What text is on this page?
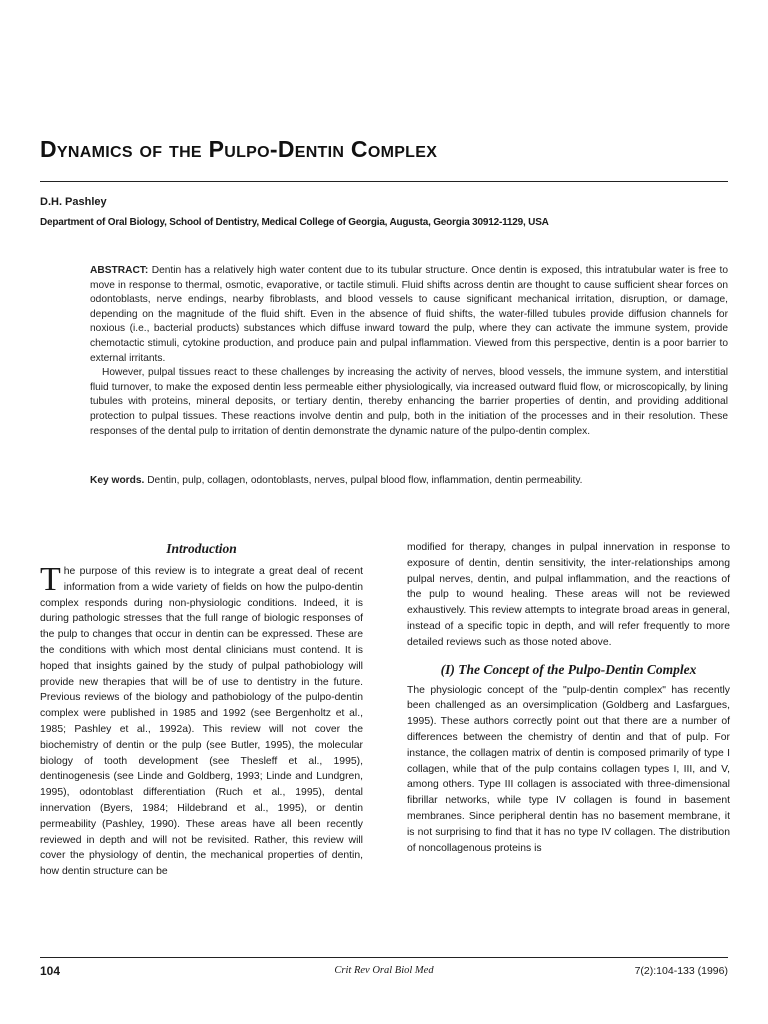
Dynamics of the Pulpo-Dentin Complex
D.H. Pashley
Department of Oral Biology, School of Dentistry, Medical College of Georgia, Augusta, Georgia 30912-1129, USA

ABSTRACT: Dentin has a relatively high water content due to its tubular structure. Once dentin is exposed, this intratubular water is free to move in response to thermal, osmotic, evaporative, or tactile stimuli. Fluid shifts across dentin are thought to cause sufficient shear forces on odontoblasts, nerve endings, nearby fibroblasts, and blood vessels to cause significant mechanical irritation, disruption, or damage, depending on the magnitude of the fluid shift. Even in the absence of fluid shifts, the water-filled tubules provide diffusion channels for noxious (i.e., bacterial products) substances which diffuse inward toward the pulp, where they can activate the immune system, provide chemotactic stimuli, cytokine production, and produce pain and pulpal inflammation. Viewed from this perspective, dentin is a poor barrier to external irritants.

However, pulpal tissues react to these challenges by increasing the activity of nerves, blood vessels, the immune system, and interstitial fluid turnover, to make the exposed dentin less permeable either physiologically, via increased outward fluid flow, or microscopically, by lining tubules with proteins, mineral deposits, or tertiary dentin, thereby enhancing the barrier properties of dentin, and providing additional protection to pulpal tissues. These reactions involve dentin and pulp, both in the initiation of the processes and in their resolution. These responses of the dental pulp to irritation of dentin demonstrate the dynamic nature of the pulpo-dentin complex.

Key words. Dentin, pulp, collagen, odontoblasts, nerves, pulpal blood flow, inflammation, dentin permeability.
Introduction

The purpose of this review is to integrate a great deal of recent information from a wide variety of fields on how the pulpo-dentin complex responds during non-physiologic conditions. Indeed, it is during pathologic stresses that the full range of biologic responses of the pulp to changes that occur in dentin can be expressed. These are the conditions with which most dental clinicians must contend. It is hoped that insights gained by the study of pulpal pathobiology will provide new therapies that will be of use to dentistry in the future. Previous reviews of the biology and pathobiology of the pulpo-dentin complex were published in 1985 and 1992 (see Bergenholtz et al., 1985; Pashley et al., 1992a). This review will not cover the biochemistry of dentin or the pulp (see Butler, 1995), the molecular biology of tooth development (see Thesleff et al., 1995), dentinogenesis (see Linde and Goldberg, 1993; Linde and Lundgren, 1995), odontoblast differentiation (Ruch et al., 1995), dental innervation (Byers, 1984; Hildebrand et al., 1995), or dentin permeability (Pashley, 1990). These areas have all been recently reviewed in depth and will not be revisited. Rather, this review will cover the physiology of dentin, the mechanical properties of dentin, how dentin structure can be

modified for therapy, changes in pulpal innervation in response to exposure of dentin, dentin sensitivity, the inter-relationships among pulpal nerves, dentin, and pulpal inflammation, and the reactions of the pulp to wound healing. These areas will not be reviewed exhaustively. This review attempts to integrate broad areas in general, instead of a specific topic in depth, and will refer frequently to more detailed reviews such as those noted above.

(I) The Concept of the Pulpo-Dentin Complex

The physiologic concept of the "pulp-dentin complex" has recently been challenged as an oversimplication (Goldberg and Lasfargues, 1995). These authors correctly point out that there are a number of differences between the chemistry of dentin and that of pulp. For instance, the collagen matrix of dentin is composed primarily of type I collagen, while that of the pulp contains collagen types I, III, and V, among others. Type III collagen is associated with three-dimensional fibrillar networks, while type IV collagen is found in basement membranes. Since peripheral dentin has no basement membrane, it is not surprising to find that it has no type IV collagen. The distribution of noncollagenous proteins is

104	Crit Rev Oral Biol Med	7(2):104-133 (1996)
